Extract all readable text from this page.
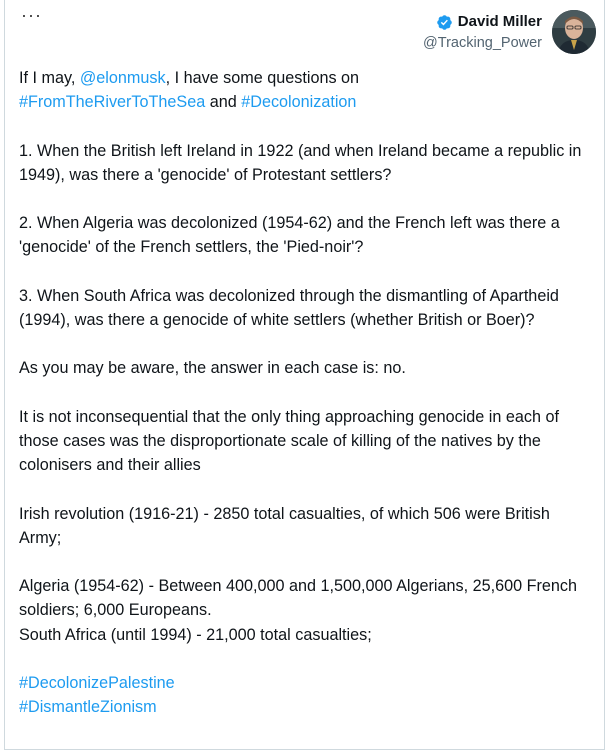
···	David Miller
@Tracking_Power

If I may, @elonmusk, I have some questions on
#FromTheRiverToTheSea and #Decolonization

1. When the British left Ireland in 1922 (and when Ireland became a republic in 1949), was there a 'genocide' of Protestant settlers?

2. When Algeria was decolonized (1954-62) and the French left was there a 'genocide' of the French settlers, the 'Pied-noir'?

3. When South Africa was decolonized through the dismantling of Apartheid (1994), was there a genocide of white settlers (whether British or Boer)?

As you may be aware, the answer in each case is: no.

It is not inconsequential that the only thing approaching genocide in each of those cases was the disproportionate scale of killing of the natives by the colonisers and their allies

Irish revolution (1916-21) - 2850 total casualties, of which 506 were British Army;

Algeria (1954-62) - Between 400,000 and 1,500,000 Algerians, 25,600 French soldiers; 6,000 Europeans.

South Africa (until 1994) - 21,000 total casualties;

#DecolonizePalestine
#DismantleZionism
